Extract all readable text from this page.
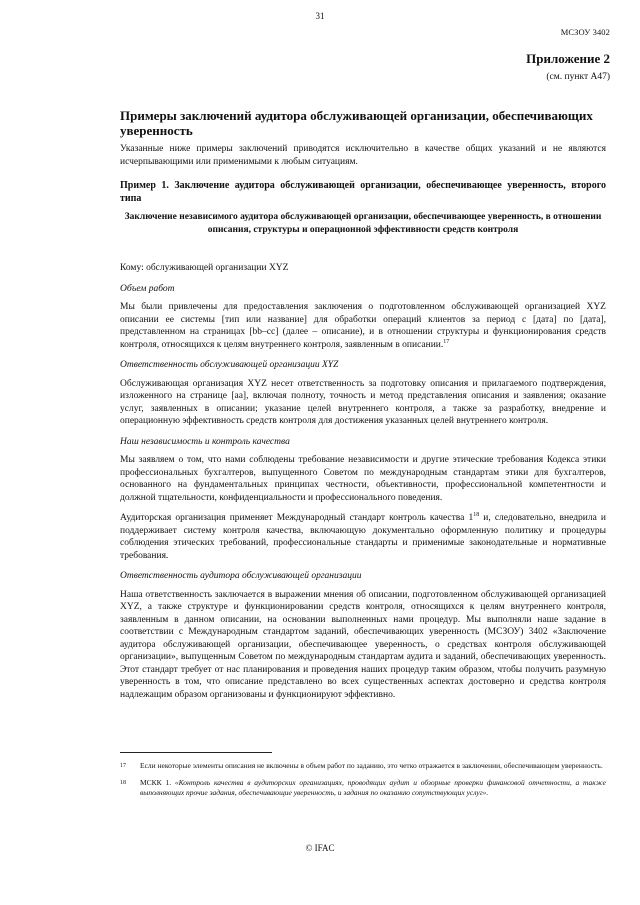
31
МСЗОУ 3402
Приложение 2
(см. пункт А47)
Примеры заключений аудитора обслуживающей организации, обеспечивающих уверенность

Указанные ниже примеры заключений приводятся исключительно в качестве общих указаний и не являются исчерпывающими или применимыми к любым ситуациям.

Пример 1. Заключение аудитора обслуживающей организации, обеспечивающее уверенность, второго типа
Заключение независимого аудитора обслуживающей организации, обеспечивающее уверенность, в отношении описания, структуры и операционной эффективности средств контроля

Кому: обслуживающей организации XYZ

Объем работ

Мы были привлечены для предоставления заключения о подготовленном обслуживающей организацией XYZ описании ее системы [тип или название] для обработки операций клиентов за период с [дата] по [дата], представленном на страницах [bb–cc] (далее – описание), и в отношении структуры и функционирования средств контроля, относящихся к целям внутреннего контроля, заявленным в описании.$^{17}$

Ответственность обслуживающей организации XYZ

Обслуживающая организация XYZ несет ответственность за подготовку описания и прилагаемого подтверждения, изложенного на странице [aa], включая полноту, точность и метод представления описания и заявления; оказание услуг, заявленных в описании; указание целей внутреннего контроля, а также за разработку, внедрение и операционную эффективность средств контроля для достижения указанных целей внутреннего контроля.

Наш независимость и контроль качества

Мы заявляем о том, что нами соблюдены требование независимости и другие этические требования Кодекса этики профессиональных бухгалтеров, выпущенного Советом по международным стандартам этики для бухгалтеров, основанного на фундаментальных принципах честности, объективности, профессиональной компетентности и должной тщательности, конфиденциальности и профессионального поведения.

Аудиторская организация применяет Международный стандарт контроль качества $1^{18}$ и, следовательно, внедрила и поддерживает систему контроля качества, включающую документально оформленную политику и процедуры соблюдения этических требований, профессиональные стандарты и применимые законодательные и нормативные требования.

Ответственность аудитора обслуживающей организации

Наша ответственность заключается в выражении мнения об описании, подготовленном обслуживающей организацией XYZ, а также структуре и функционировании средств контроля, относящихся к целям внутреннего контроля, заявленным в данном описании, на основании выполненных нами процедур. Мы выполняли наше задание в соответствии с Международным стандартом заданий, обеспечивающих уверенность (МСЗОУ) 3402 «Заключение аудитора обслуживающей организации, обеспечивающее уверенность, о средствах контроля обслуживающей организации», выпущенным Советом по международным стандартам аудита и заданий, обеспечивающих уверенность. Этот стандарт требует от нас планирования и проведения наших процедур таким образом, чтобы получить разумную уверенность в том, что описание представлено во всех существенных аспектах достоверно и средства контроля надлежащим образом организованы и функционируют эффективно.

17	Если некоторые элементы описания не включены в объем работ по заданию, это четко отражается в заключении, обеспечивающем уверенность.
18	МСКК 1. «Контроль качества в аудиторских организациях, проводящих аудит и обзорные проверки финансовой отчетности, а также выполняющих прочие задания, обеспечивающие уверенность, и задания по оказанию сопутствующих услуг».
© IFAC
